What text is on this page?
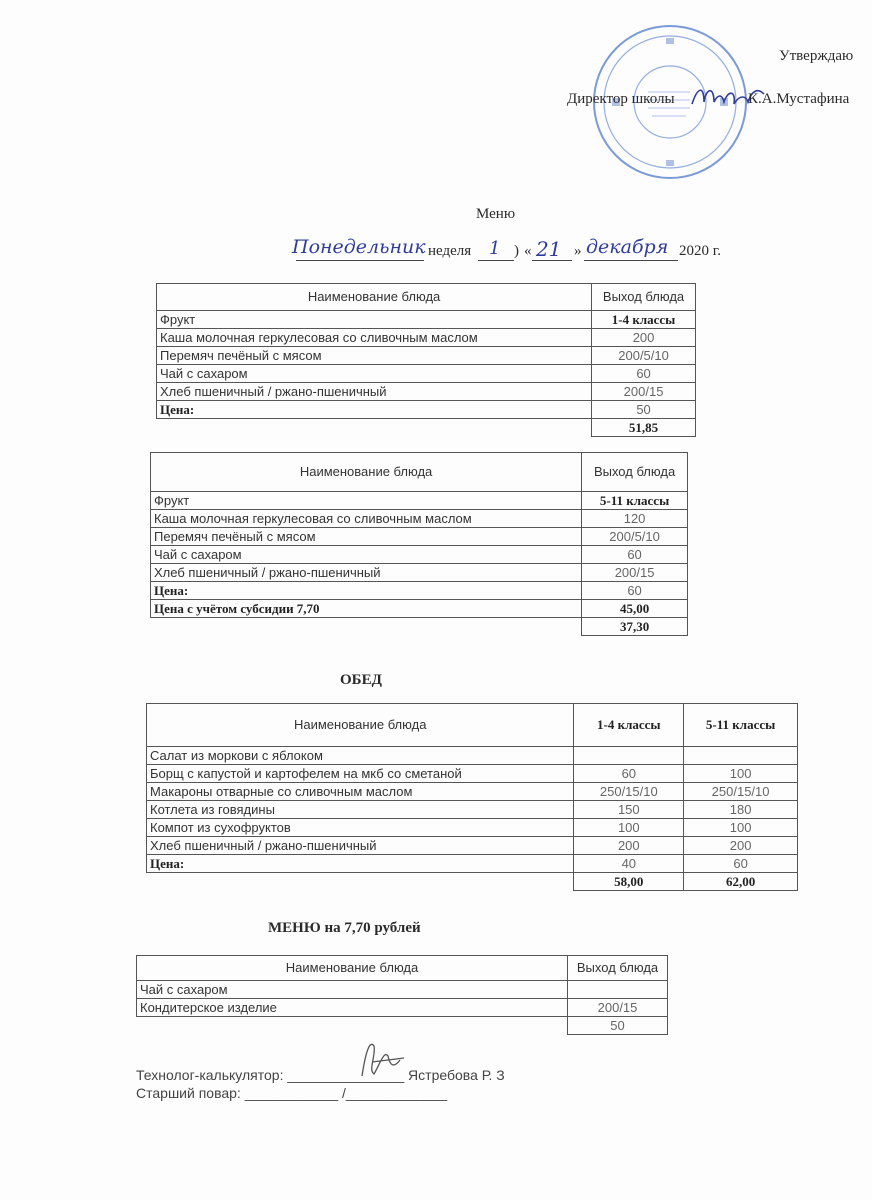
Утверждаю
Директор школы	К.А.Мустафина
Меню
Понедельник неделя 1 ) « 21 » декабря 2020 г.
Наименование блюда	Выход блюда
Фрукт	1-4 классы
Каша молочная геркулесовая со сливочным маслом	200
Перемяч печёный с мясом	200/5/10
Чай с сахаром	60
Хлеб пшеничный / ржано-пшеничный	200/15
Цена:	50
	51,85
Наименование блюда	Выход блюда
Фрукт	5-11 классы
Каша молочная геркулесовая со сливочным маслом	120
Перемяч печёный с мясом	200/5/10
Чай с сахаром	60
Хлеб пшеничный / ржано-пшеничный	200/15
Цена:	60
Цена с учётом субсидии 7,70	45,00
	37,30
ОБЕД
Наименование блюда	1-4 классы	5-11 классы
Салат из моркови с яблоком		
Борщ с капустой и картофелем на мкб со сметаной	60	100
Макароны отварные со сливочным маслом	250/15/10	250/15/10
Котлета из говядины	150	180
Компот из сухофруктов	100	100
Хлеб пшеничный / ржано-пшеничный	200	200
Цена:	40	60
	58,00	62,00
МЕНЮ на 7,70 рублей
Наименование блюда	Выход блюда
Чай с сахаром	
Кондитерское изделие	200/15
	50
Технолог-калькулятор: _______________ Ястребова Р. З
Старший повар: ____________ /_____________
